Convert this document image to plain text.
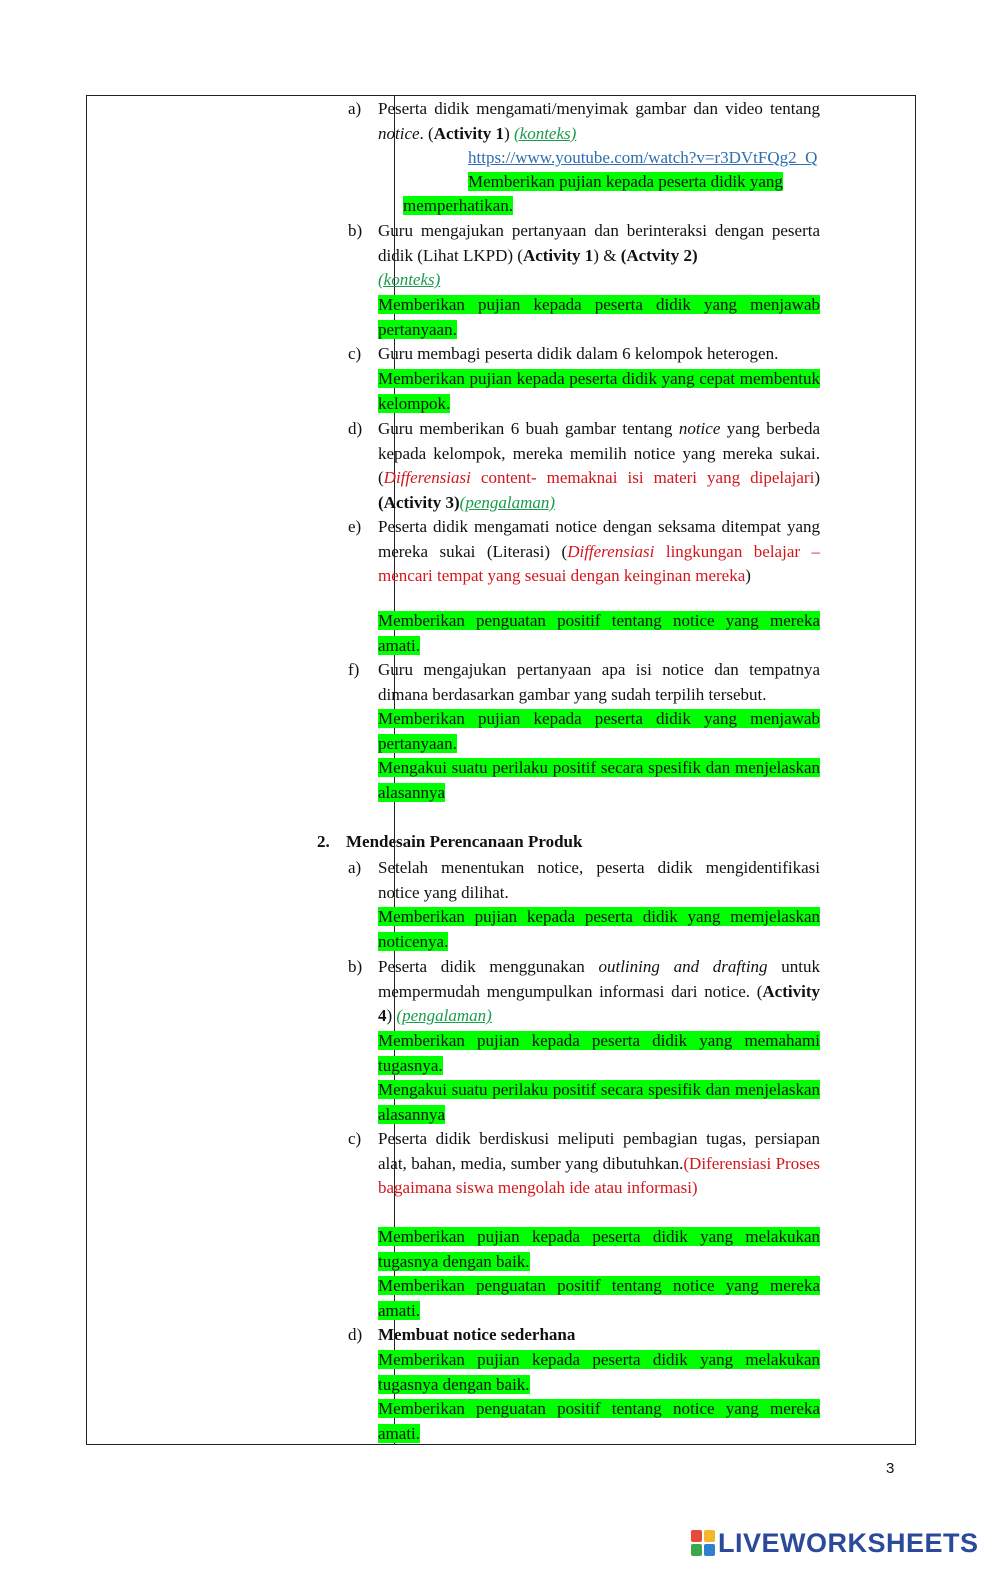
a) Peserta didik mengamati/menyimak gambar dan video tentang notice. (Activity 1) (konteks)
https://www.youtube.com/watch?v=r3DVtFQg2_Q
Memberikan pujian kepada peserta didik yang
memperhatikan.
b) Guru mengajukan pertanyaan dan berinteraksi dengan peserta didik (Lihat LKPD) (Activity 1) & (Actvity 2)
(konteks)
Memberikan pujian kepada peserta didik yang menjawab pertanyaan.
c) Guru membagi peserta didik dalam 6 kelompok heterogen.
Memberikan pujian kepada peserta didik yang cepat membentuk kelompok.
d) Guru memberikan 6 buah gambar tentang notice yang berbeda kepada kelompok, mereka memilih notice yang mereka sukai. (Differensiasi content- memaknai isi materi yang dipelajari) (Activity 3)(pengalaman)
e) Peserta didik mengamati notice dengan seksama ditempat yang mereka sukai (Literasi) (Differensiasi lingkungan belajar – mencari tempat yang sesuai dengan keinginan mereka)
Memberikan penguatan positif tentang notice yang mereka amati.
f)	Guru mengajukan pertanyaan apa isi notice dan tempatnya dimana berdasarkan gambar yang sudah terpilih tersebut.
Memberikan pujian kepada peserta didik yang menjawab pertanyaan.
Mengakui suatu perilaku positif secara spesifik dan menjelaskan alasannya
2. Mendesain Perencanaan Produk
a) Setelah menentukan notice, peserta didik mengidentifikasi notice yang dilihat.
Memberikan pujian kepada peserta didik yang memjelaskan noticenya.
b) Peserta didik menggunakan outlining and drafting untuk mempermudah mengumpulkan informasi dari notice. (Activity 4) (pengalaman)
Memberikan pujian kepada peserta didik yang memahami tugasnya.
Mengakui suatu perilaku positif secara spesifik dan menjelaskan alasannya
c) Peserta didik berdiskusi meliputi pembagian tugas, persiapan alat, bahan, media, sumber yang dibutuhkan.(Diferensiasi Proses bagaimana siswa mengolah ide atau informasi)
Memberikan pujian kepada peserta didik yang melakukan tugasnya dengan baik.
Memberikan penguatan positif tentang notice yang mereka amati.
d) Membuat notice sederhana
Memberikan pujian kepada peserta didik yang melakukan tugasnya dengan baik.
Memberikan penguatan positif tentang notice yang mereka amati.
3
LIVEWORKSHEETS
